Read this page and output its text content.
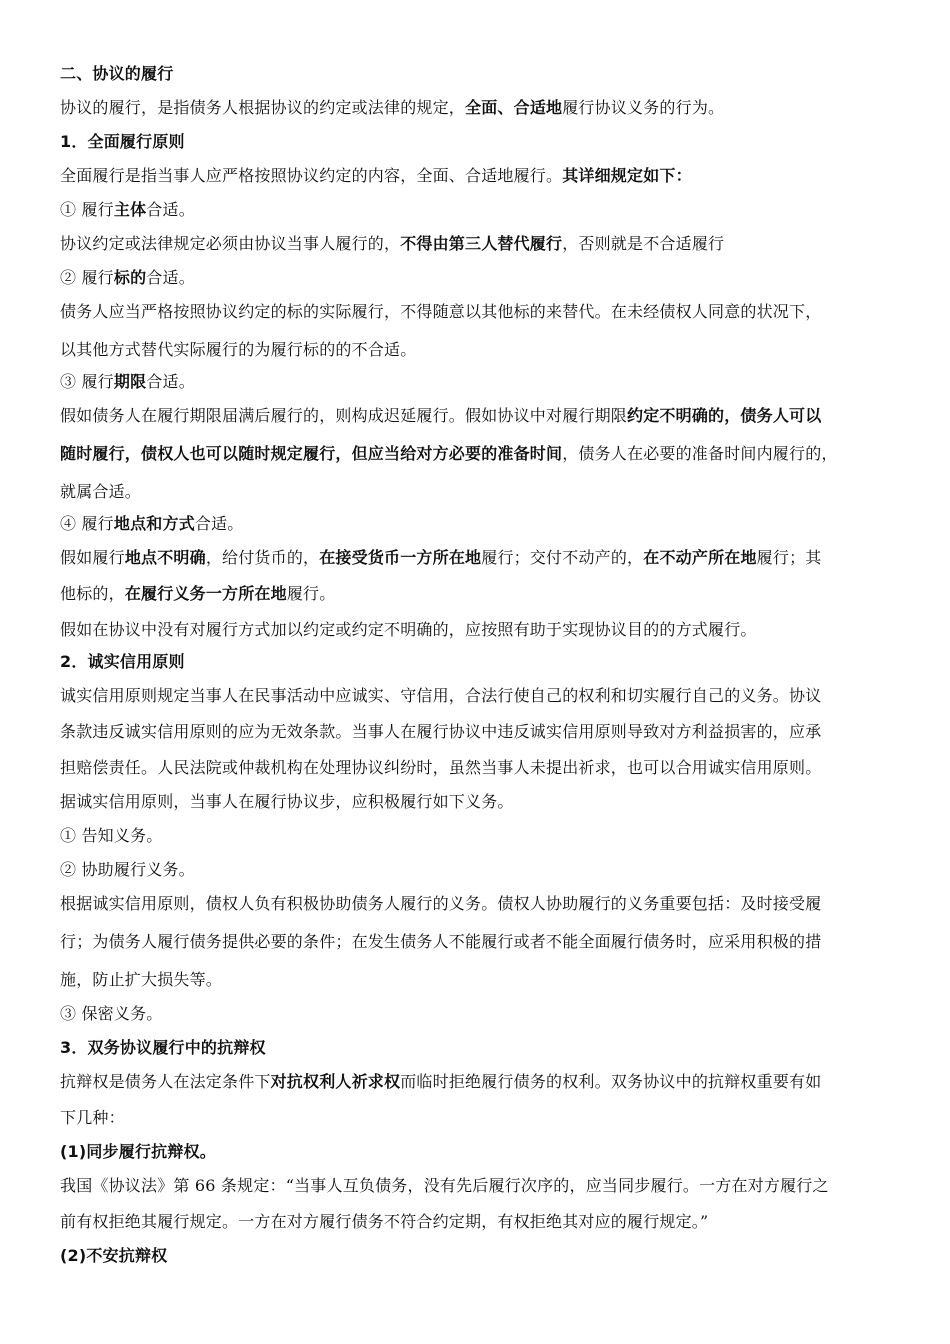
二、协议的履行
协议的履行，是指债务人根据协议的约定或法律的规定，全面、合适地履行协议义务的行为。
1．全面履行原则
全面履行是指当事人应严格按照协议约定的内容，全面、合适地履行。其详细规定如下：
① 履行主体合适。
协议约定或法律规定必须由协议当事人履行的，不得由第三人替代履行，否则就是不合适履行
② 履行标的合适。
债务人应当严格按照协议约定的标的实际履行，不得随意以其他标的来替代。在未经债权人同意的状况下，
以其他方式替代实际履行的为履行标的的不合适。
③ 履行期限合适。
假如债务人在履行期限届满后履行的，则构成迟延履行。假如协议中对履行期限约定不明确的，债务人可以
随时履行，债权人也可以随时规定履行，但应当给对方必要的准备时间，债务人在必要的准备时间内履行的，
就属合适。
④ 履行地点和方式合适。
假如履行地点不明确，给付货币的，在接受货币一方所在地履行；交付不动产的，在不动产所在地履行；其
他标的，在履行义务一方所在地履行。
假如在协议中没有对履行方式加以约定或约定不明确的，应按照有助于实现协议目的的方式履行。
2．诚实信用原则
诚实信用原则规定当事人在民事活动中应诚实、守信用，合法行使自己的权利和切实履行自己的义务。协议
条款违反诚实信用原则的应为无效条款。当事人在履行协议中违反诚实信用原则导致对方利益损害的，应承
担赔偿责任。人民法院或仲裁机构在处理协议纠纷时，虽然当事人未提出祈求，也可以合用诚实信用原则。
据诚实信用原则，当事人在履行协议步，应积极履行如下义务。
① 告知义务。
② 协助履行义务。
根据诚实信用原则，债权人负有积极协助债务人履行的义务。债权人协助履行的义务重要包括：及时接受履
行；为债务人履行债务提供必要的条件；在发生债务人不能履行或者不能全面履行债务时，应采用积极的措
施，防止扩大损失等。
③ 保密义务。
3．双务协议履行中的抗辩权
抗辩权是债务人在法定条件下对抗权利人祈求权而临时拒绝履行债务的权利。双务协议中的抗辩权重要有如
下几种：
(1)同步履行抗辩权。
我国《协议法》第 66 条规定：“当事人互负债务，没有先后履行次序的，应当同步履行。一方在对方履行之
前有权拒绝其履行规定。一方在对方履行债务不符合约定期，有权拒绝其对应的履行规定。”
(2)不安抗辩权
